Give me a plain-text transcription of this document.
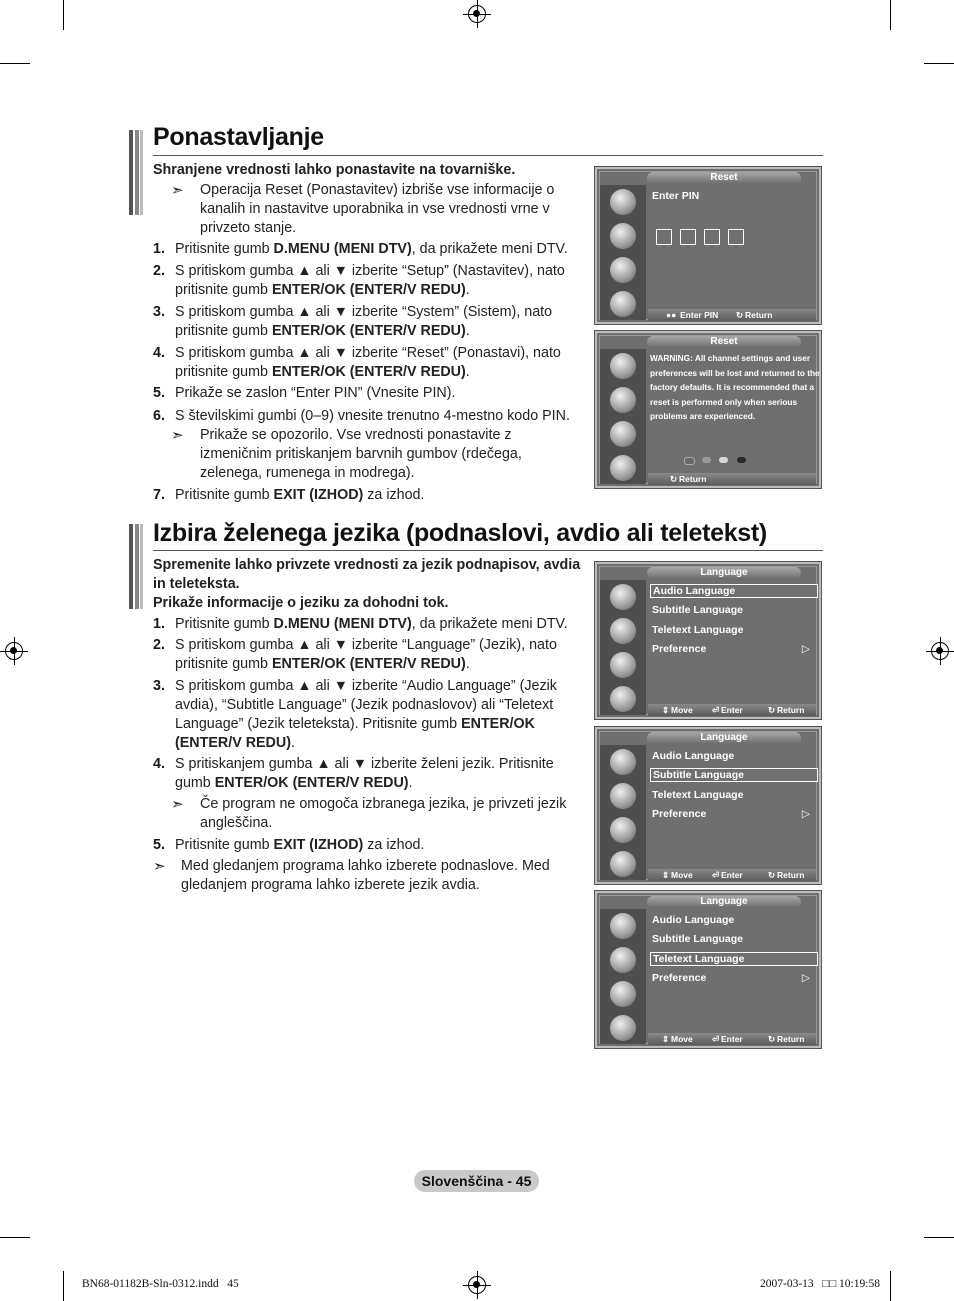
Ponastavljanje
Shranjene vrednosti lahko ponastavite na tovarniške.
➣ Operacija Reset (Ponastavitev) izbriše vse informacije o kanalih in nastavitve uporabnika in vse vrednosti vrne v privzeto stanje.
1. Pritisnite gumb D.MENU (MENI DTV), da prikažete meni DTV.
2. S pritiskom gumba ▲ ali ▼ izberite “Setup” (Nastavitev), nato pritisnite gumb ENTER/OK (ENTER/V REDU).
3. S pritiskom gumba ▲ ali ▼ izberite “System” (Sistem), nato pritisnite gumb ENTER/OK (ENTER/V REDU).
4. S pritiskom gumba ▲ ali ▼ izberite “Reset” (Ponastavi), nato pritisnite gumb ENTER/OK (ENTER/V REDU).
5. Prikaže se zaslon “Enter PIN” (Vnesite PIN).
6. S številskimi gumbi (0–9) vnesite trenutno 4-mestno kodo PIN.
7. Pritisnite gumb EXIT (IZHOD) za izhod.
➣ Prikaže se opozorilo. Vse vrednosti ponastavite z izmeničnim pritiskanjem barvnih gumbov (rdečega, zelenega, rumenega in modrega).
Izbira želenega jezika (podnaslovi, avdio ali teletekst)
Spremenite lahko privzete vrednosti za jezik podnapisov, avdia in teleteksta.
Prikaže informacije o jeziku za dohodni tok.
1. Pritisnite gumb D.MENU (MENI DTV), da prikažete meni DTV.
2. S pritiskom gumba ▲ ali ▼ izberite “Language” (Jezik), nato pritisnite gumb ENTER/OK (ENTER/V REDU).
3. S pritiskom gumba ▲ ali ▼ izberite “Audio Language” (Jezik avdia), “Subtitle Language” (Jezik podnaslovov) ali “Teletext Language” (Jezik teleteksta). Pritisnite gumb ENTER/OK (ENTER/V REDU).
4. S pritiskanjem gumba ▲ ali ▼ izberite želeni jezik. Pritisnite gumb ENTER/OK (ENTER/V REDU).
5. Pritisnite gumb EXIT (IZHOD) za izhod.
➣ Če program ne omogoča izbranega jezika, je privzeti jezik angleščina.
➣ Med gledanjem programa lahko izberete podnaslove. Med gledanjem programa lahko izberete jezik avdia.
Reset
Enter PIN
●● Enter PIN ↻ Return
Reset
WARNING: All channel settings and user preferences will be lost and returned to the factory defaults. It is recommended that a reset is performed only when serious problems are experienced.
↻ Return
Language
Audio Language
Subtitle Language
Teletext Language
Preference	▷
⇕ Move ⏎ Enter	↻ Return
Language
Audio Language
Subtitle Language
Teletext Language
Preference	▷
⇕ Move ⏎ Enter	↻ Return
Language
Audio Language
Subtitle Language
Teletext Language
Preference	▷
⇕ Move ⏎ Enter	↻ Return
Slovenščina - 45
BN68-01182B-Sln-0312.indd   45	2007-03-13   □□ 10:19:58
